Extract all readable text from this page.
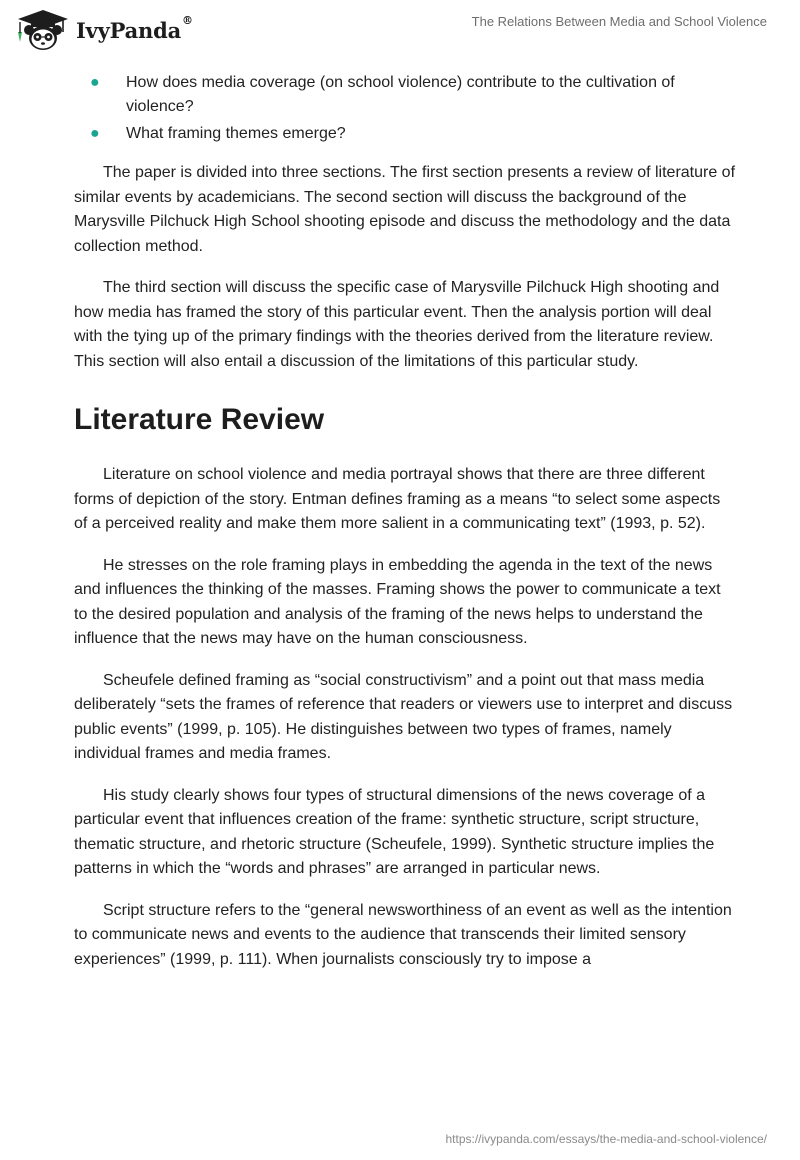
IvyPanda®	The Relations Between Media and School Violence
● How does media coverage (on school violence) contribute to the cultivation of violence?
● What framing themes emerge?

The paper is divided into three sections. The first section presents a review of literature of similar events by academicians. The second section will discuss the background of the Marysville Pilchuck High School shooting episode and discuss the methodology and the data collection method.

The third section will discuss the specific case of Marysville Pilchuck High shooting and how media has framed the story of this particular event. Then the analysis portion will deal with the tying up of the primary findings with the theories derived from the literature review. This section will also entail a discussion of the limitations of this particular study.

Literature Review

Literature on school violence and media portrayal shows that there are three different forms of depiction of the story. Entman defines framing as a means “to select some aspects of a perceived reality and make them more salient in a communicating text” (1993, p. 52).

He stresses on the role framing plays in embedding the agenda in the text of the news and influences the thinking of the masses. Framing shows the power to communicate a text to the desired population and analysis of the framing of the news helps to understand the influence that the news may have on the human consciousness.

Scheufele defined framing as “social constructivism” and a point out that mass media deliberately “sets the frames of reference that readers or viewers use to interpret and discuss public events” (1999, p. 105). He distinguishes between two types of frames, namely individual frames and media frames.

His study clearly shows four types of structural dimensions of the news coverage of a particular event that influences creation of the frame: synthetic structure, script structure, thematic structure, and rhetoric structure (Scheufele, 1999). Synthetic structure implies the patterns in which the “words and phrases” are arranged in particular news.

Script structure refers to the “general newsworthiness of an event as well as the intention to communicate news and events to the audience that transcends their limited sensory experiences” (1999, p. 111). When journalists consciously try to impose a

https://ivypanda.com/essays/the-media-and-school-violence/
